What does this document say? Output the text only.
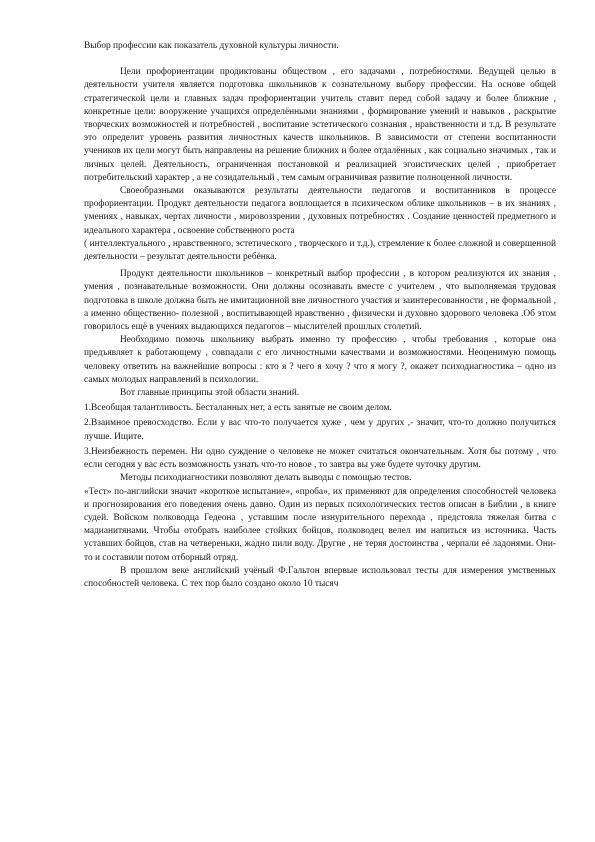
Выбор профессии как показатель духовной культуры личности.

Цели профориентации продиктованы обществом , его задачами , потребностями. Ведущей целью в деятельности учителя является подготовка школьников к сознательному выбору профессии. На основе общей стратегической цели и главных задач профориентации учитель ставит перед собой задачу и более ближние , конкретные цели: вооружение учащихся определёнными знаниями , формирование умений и навыков , раскрытие творческих возможностей и потребностей , воспитание эстетического сознания , нравственности и т.д. В результате это определит уровень развития личностных качеств школьников. В зависимости от степени воспитанности учеников их цели могут быть направлены на решение ближних и более отдалённых , как социально значимых , так и личных целей. Деятельность, ограниченная постановкой и реализацией эгоистических целей , приобретает потребительский характер , а не созидательный , тем самым ограничивая развитие полноценной личности.

Своеобразными оказываются результаты деятельности педагогов и воспитанников в процессе профориентации. Продукт деятельности педагога воплощается в психическом облике школьников – в их знаниях , умениях , навыках, чертах личности , мировоззрении , духовных потребностях . Создание ценностей предметного и идеального характера , освоение собственного роста

( интеллектуального , нравственного, эстетического , творческого и т.д.), стремление к более сложной и совершенной деятельности – результат деятельности ребёнка.

Продукт деятельности школьников – конкретный выбор профессии , в котором реализуются их знания , умения , познавательные возможности. Они должны осознавать вместе с учителем , что выполняемая трудовая подготовка в школе должна быть не имитационной вне личностного участия и заинтересованности , не формальной , а именно общественно- полезной , воспитывающей нравственно , физически и духовно здорового человека .Об этом говорилось ещё в учениях выдающихся педагогов – мыслителей прошлых столетий.

Необходимо помочь школьнику выбрать именно ту профессию , чтобы требования , которые она предъявляет к работающему , совпадали с его личностными качествами и возможностями. Неоценимую помощь человеку ответить на важнейшие вопросы : кто я ? чего я хочу ? что я могу ?, окажет психодиагностика – одно из самых молодых направлений в психологии.

Вот главные принципы этой области знаний.

1.Всеобщая талантливость. Бесталанных нет, а есть занятые не своим делом.

2.Взаимное превосходство. Если у вас что-то получается хуже , чем у других ,- значит, что-то должно получиться лучше. Ищите.

3.Неизбежность перемен. Ни одно суждение о человеке не может считаться окончательным. Хотя бы потому , что если сегодня у вас есть возможность узнать что-то новое , то завтра вы уже будете чуточку другим.

Методы психодиагностики позволяют делать выводы с помощью тестов.

«Тест» по-английски значит «короткое испытание», «проба», их применяют для определения способностей человека и прогнозирования его поведения очень давно. Один из первых психологических тестов описан в Библии , в книге судей. Войском полководца Гедеона , уставшим после изнурительного перехода , предстояла тяжелая битва с мадианитянами. Чтобы отобрать наиболее стойких бойцов, полководец велел им напиться из источника. Часть уставших бойцов, став на четвереньки, жадно пили воду. Другие , не теряя достоинства , черпали её ладонями. Они-то и составили потом отборный отряд.

В прошлом веке английский учёный Ф.Гальтон впервые использовал тесты для измерения умственных способностей человека. С тех пор было создано около 10 тысяч
